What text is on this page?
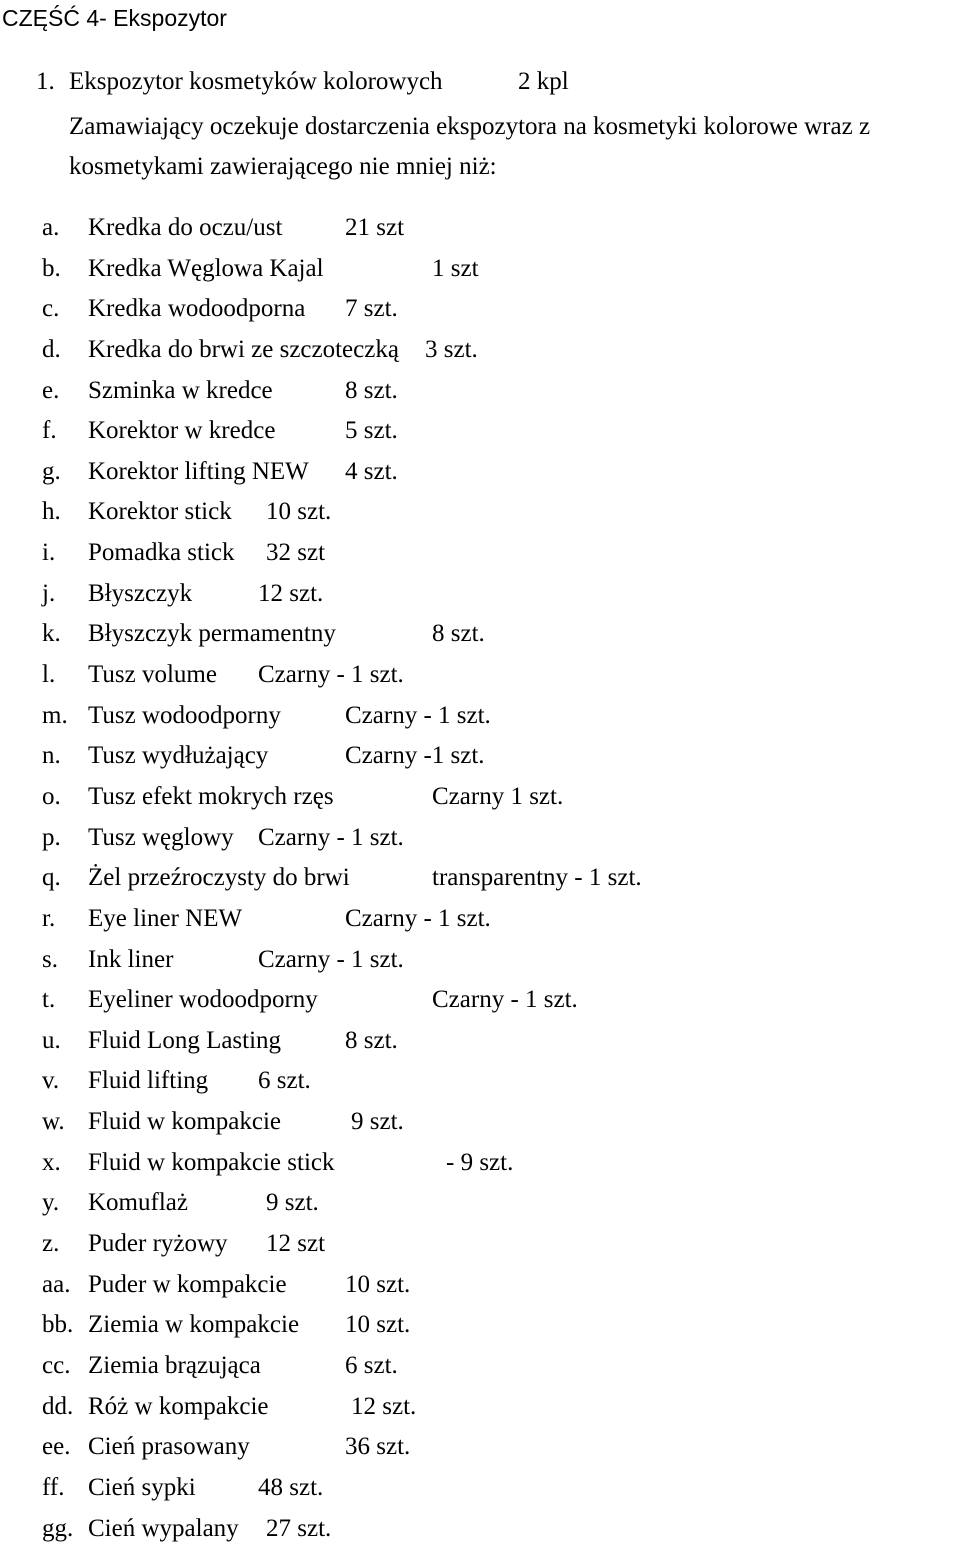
CZĘŚĆ 4- Ekspozytor
1. Ekspozytor kosmetyków kolorowych	2 kpl
Zamawiający oczekuje dostarczenia ekspozytora na kosmetyki kolorowe wraz z
kosmetykami zawierającego nie mniej niż:
a. Kredka do oczu/ust	21 szt
b. Kredka Węglowa Kajal	1 szt
c. Kredka wodoodporna 7 szt.
d. Kredka do brwi ze szczoteczką 3 szt.
e. Szminka w kredce	8 szt.
f. Korektor w kredce	5 szt.
g. Korektor lifting NEW 4 szt.
h. Korektor stick 10 szt.
i. Pomadka stick 32 szt
j. Błyszczyk	12 szt.
k. Błyszczyk permamentny	8 szt.
l. Tusz volume Czarny - 1 szt.
m. Tusz wodoodporny	Czarny - 1 szt.
n. Tusz wydłużający	Czarny -1 szt.
o. Tusz efekt mokrych rzęs	Czarny 1 szt.
p. Tusz węglowy Czarny - 1 szt.
q. Żel przeźroczysty do brwi	transparentny - 1 szt.
r. Eye liner NEW	Czarny - 1 szt.
s. Ink liner	Czarny - 1 szt.
t. Eyeliner wodoodporny	Czarny - 1 szt.
u. Fluid Long Lasting	8 szt.
v. Fluid lifting 6 szt.
w. Fluid w kompakcie	9 szt.
x. Fluid w kompakcie stick	- 9 szt.
y. Komuflaż	9 szt.
z. Puder ryżowy 12 szt
aa. Puder w kompakcie 10 szt.
bb. Ziemia w kompakcie 10 szt.
cc. Ziemia brązująca	6 szt.
dd. Róż w kompakcie	12 szt.
ee. Cień prasowany	36 szt.
ff. Cień sypki 48 szt.
gg. Cień wypalany 27 szt.
